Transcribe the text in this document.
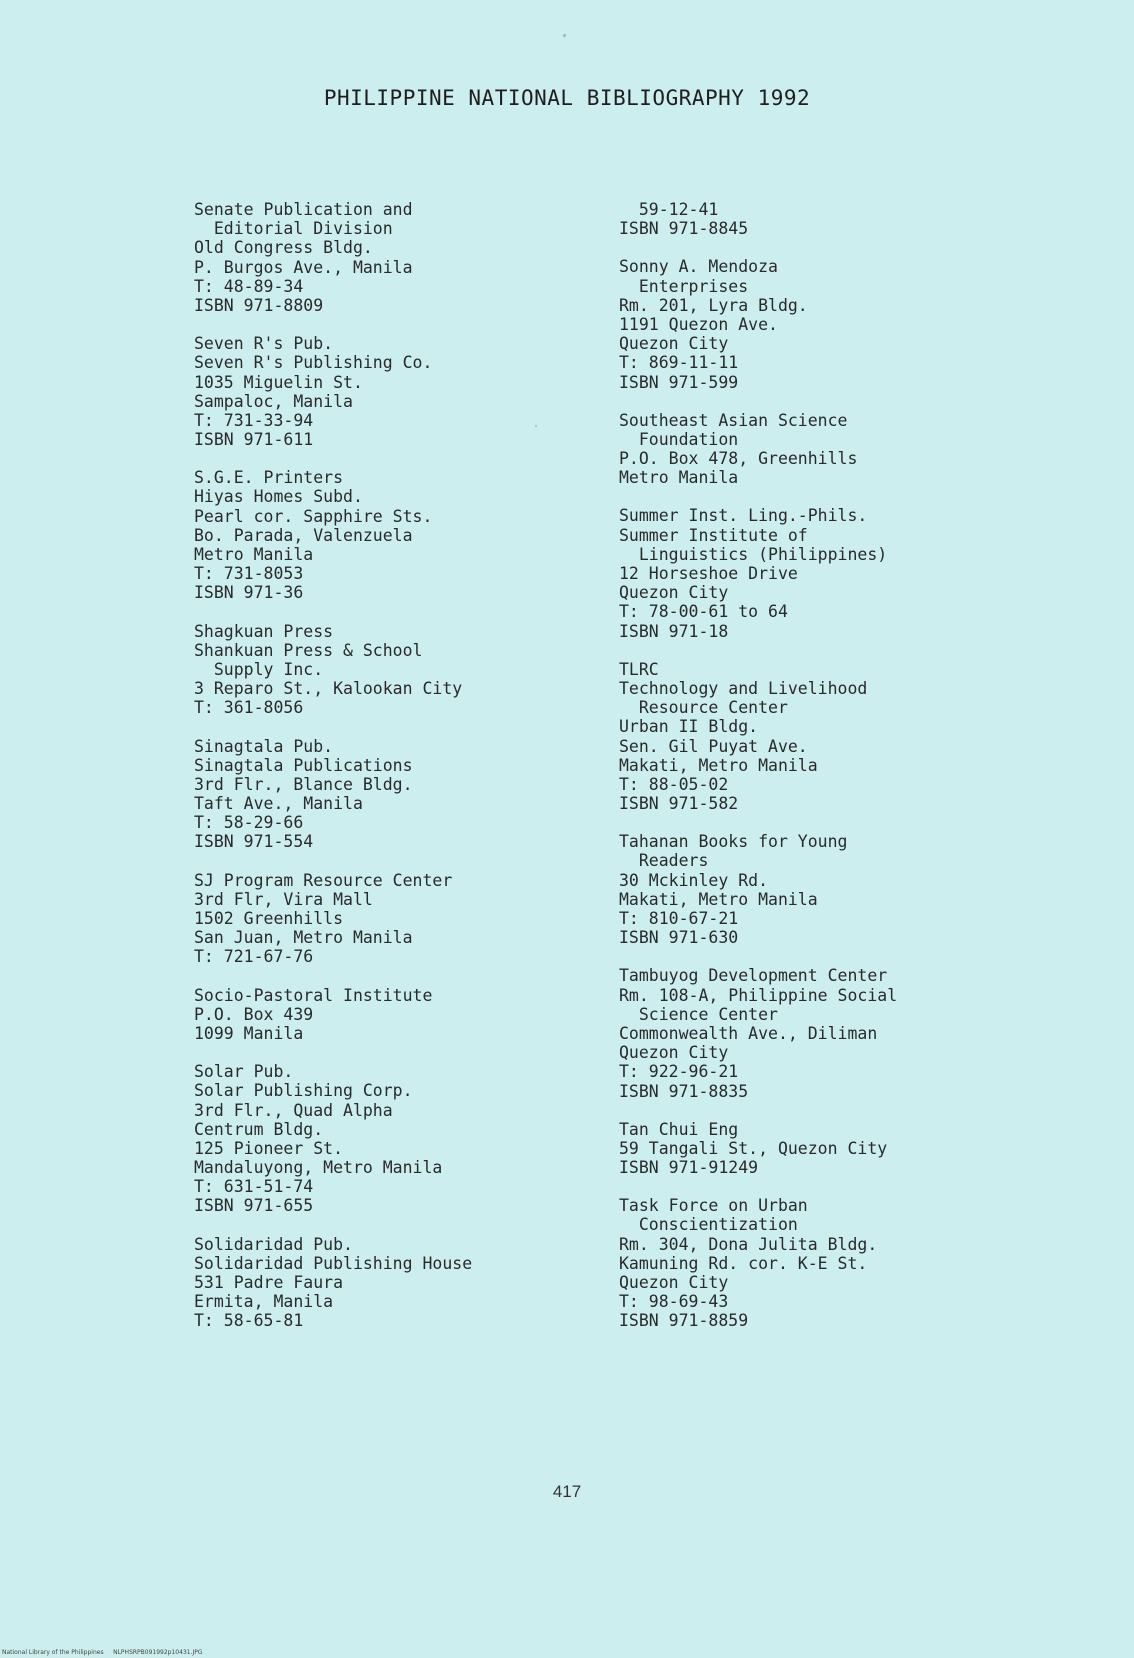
PHILIPPINE NATIONAL BIBLIOGRAPHY 1992
Senate Publication and
Editorial Division
Old Congress Bldg.
P. Burgos Ave., Manila
T: 48-89-34
ISBN 971-8809
Seven R's Pub.
Seven R's Publishing Co.
1035 Miguelin St.
Sampaloc, Manila
T: 731-33-94
ISBN 971-611
S.G.E. Printers
Hiyas Homes Subd.
Pearl cor. Sapphire Sts.
Bo. Parada, Valenzuela
Metro Manila
T: 731-8053
ISBN 971-36
Shagkuan Press
Shankuan Press & School
Supply Inc.
3 Reparo St., Kalookan City
T: 361-8056
Sinagtala Pub.
Sinagtala Publications
3rd Flr., Blance Bldg.
Taft Ave., Manila
T: 58-29-66
ISBN 971-554
SJ Program Resource Center
3rd Flr, Vira Mall
1502 Greenhills
San Juan, Metro Manila
T: 721-67-76
Socio-Pastoral Institute
P.O. Box 439
1099 Manila
Solar Pub.
Solar Publishing Corp.
3rd Flr., Quad Alpha
Centrum Bldg.
125 Pioneer St.
Mandaluyong, Metro Manila
T: 631-51-74
ISBN 971-655
Solidaridad Pub.
Solidaridad Publishing House
531 Padre Faura
Ermita, Manila
T: 58-65-81
59-12-41
ISBN 971-8845
Sonny A. Mendoza
Enterprises
Rm. 201, Lyra Bldg.
1191 Quezon Ave.
Quezon City
T: 869-11-11
ISBN 971-599
Southeast Asian Science
Foundation
P.O. Box 478, Greenhills
Metro Manila
Summer Inst. Ling.-Phils.
Summer Institute of
Linguistics (Philippines)
12 Horseshoe Drive
Quezon City
T: 78-00-61 to 64
ISBN 971-18
TLRC
Technology and Livelihood
Resource Center
Urban II Bldg.
Sen. Gil Puyat Ave.
Makati, Metro Manila
T: 88-05-02
ISBN 971-582
Tahanan Books for Young
Readers
30 Mckinley Rd.
Makati, Metro Manila
T: 810-67-21
ISBN 971-630
Tambuyog Development Center
Rm. 108-A, Philippine Social
Science Center
Commonwealth Ave., Diliman
Quezon City
T: 922-96-21
ISBN 971-8835
Tan Chui Eng
59 Tangali St., Quezon City
ISBN 971-91249
Task Force on Urban
Conscientization
Rm. 304, Dona Julita Bldg.
Kamuning Rd. cor. K-E St.
Quezon City
T: 98-69-43
ISBN 971-8859
417
National Library of the Philippines     NLPHSRPB091992p10431.JPG
